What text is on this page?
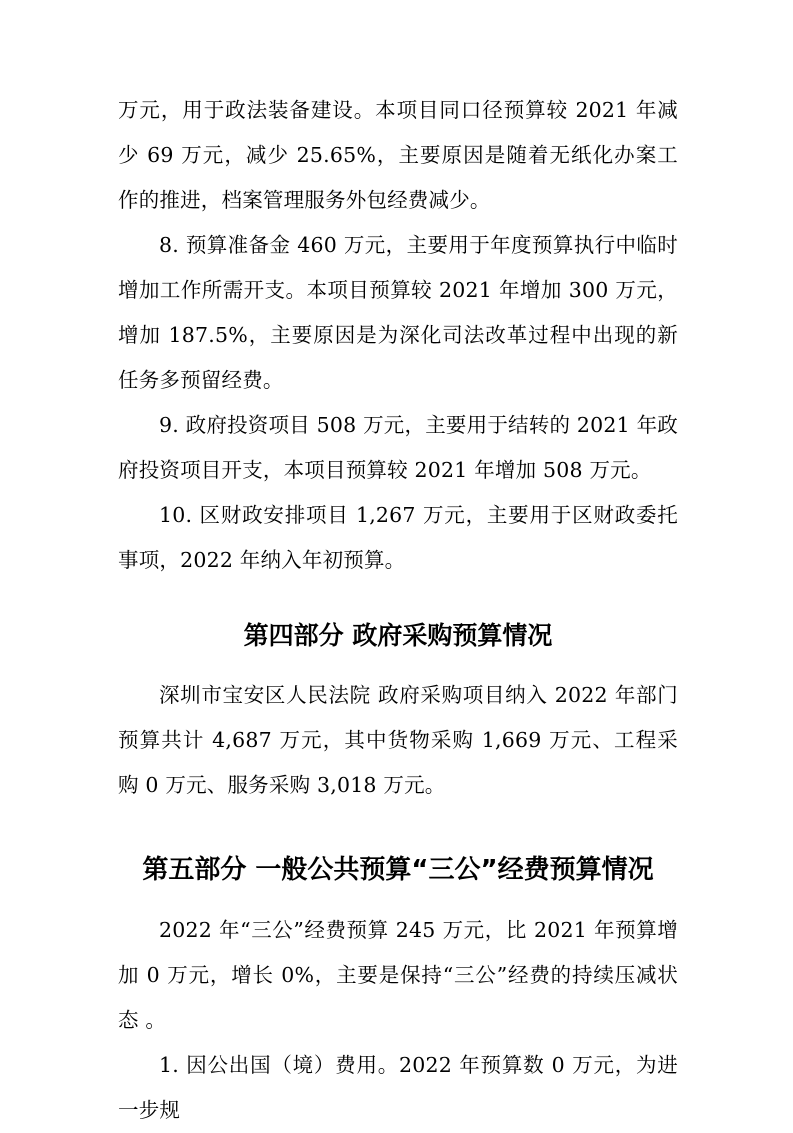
万元，用于政法装备建设。本项目同口径预算较 2021 年减少 69 万元，减少 25.65%，主要原因是随着无纸化办案工作的推进，档案管理服务外包经费减少。

8. 预算准备金 460 万元，主要用于年度预算执行中临时增加工作所需开支。本项目预算较 2021 年增加 300 万元，增加 187.5%，主要原因是为深化司法改革过程中出现的新任务多预留经费。

9. 政府投资项目 508 万元，主要用于结转的 2021 年政府投资项目开支，本项目预算较 2021 年增加 508 万元。

10. 区财政安排项目 1,267 万元，主要用于区财政委托事项，2022 年纳入年初预算。

第四部分 政府采购预算情况

深圳市宝安区人民法院 政府采购项目纳入 2022 年部门预算共计 4,687 万元，其中货物采购 1,669 万元、工程采购 0 万元、服务采购 3,018 万元。

第五部分 一般公共预算“三公”经费预算情况

2022 年“三公”经费预算 245 万元，比 2021 年预算增加 0 万元，增长 0%，主要是保持“三公”经费的持续压减状态 。

1. 因公出国（境）费用。2022 年预算数 0 万元，为进一步规
